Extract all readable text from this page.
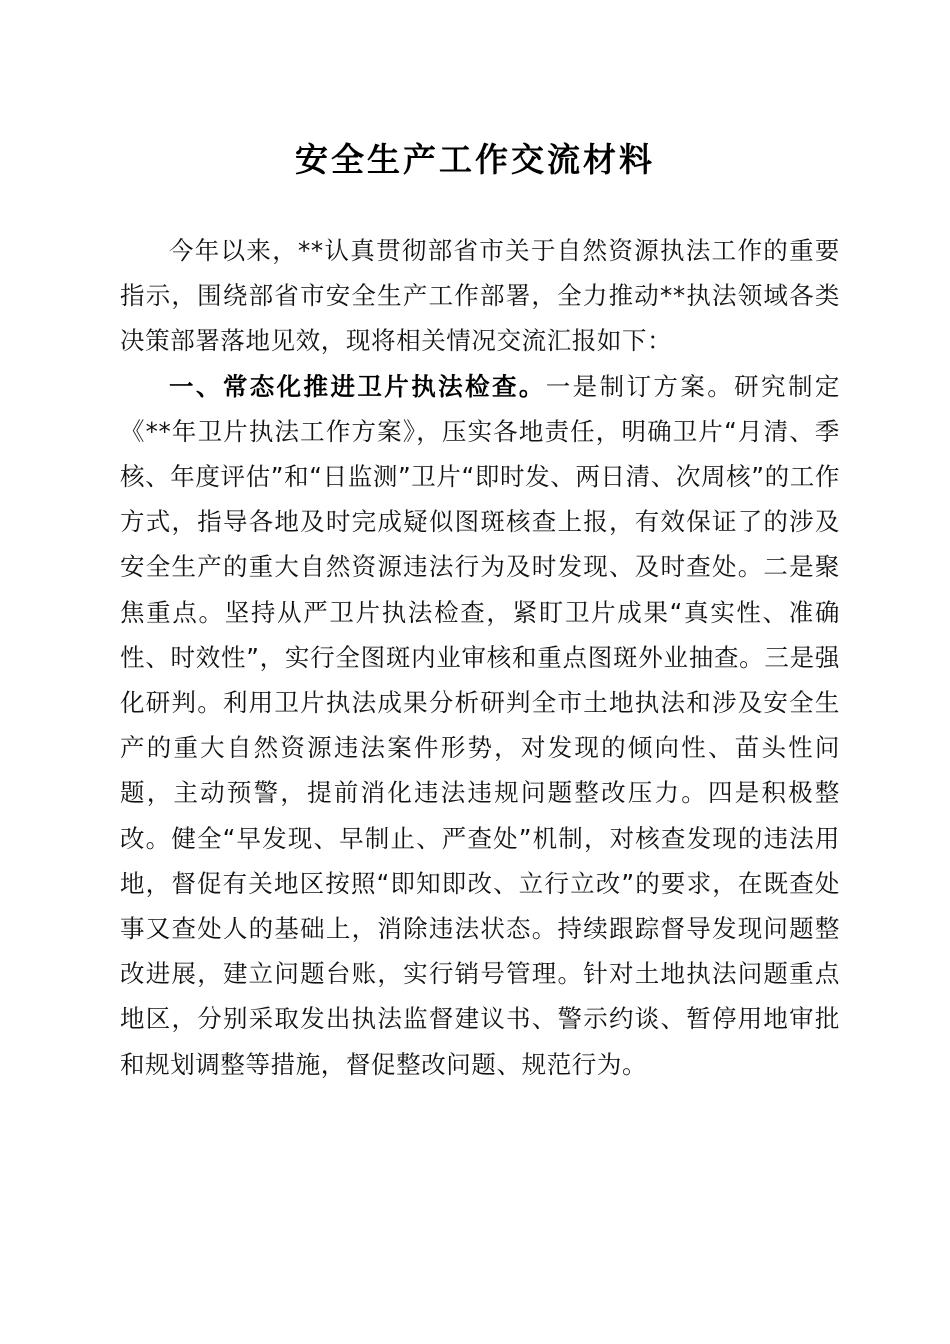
安全生产工作交流材料

今年以来，**认真贯彻部省市关于自然资源执法工作的重要指示，围绕部省市安全生产工作部署，全力推动**执法领域各类决策部署落地见效，现将相关情况交流汇报如下：

一、常态化推进卫片执法检查。一是制订方案。研究制定《**年卫片执法工作方案》，压实各地责任，明确卫片“月清、季核、年度评估”和“日监测”卫片“即时发、两日清、次周核”的工作方式，指导各地及时完成疑似图斑核查上报，有效保证了的涉及安全生产的重大自然资源违法行为及时发现、及时查处。二是聚焦重点。坚持从严卫片执法检查，紧盯卫片成果“真实性、准确性、时效性”，实行全图斑内业审核和重点图斑外业抽查。三是强化研判。利用卫片执法成果分析研判全市土地执法和涉及安全生产的重大自然资源违法案件形势，对发现的倾向性、苗头性问题，主动预警，提前消化违法违规问题整改压力。四是积极整改。健全“早发现、早制止、严查处”机制，对核查发现的违法用地，督促有关地区按照“即知即改、立行立改”的要求，在既查处事又查处人的基础上，消除违法状态。持续跟踪督导发现问题整改进展，建立问题台账，实行销号管理。针对土地执法问题重点地区，分别采取发出执法监督建议书、警示约谈、暂停用地审批和规划调整等措施，督促整改问题、规范行为。
